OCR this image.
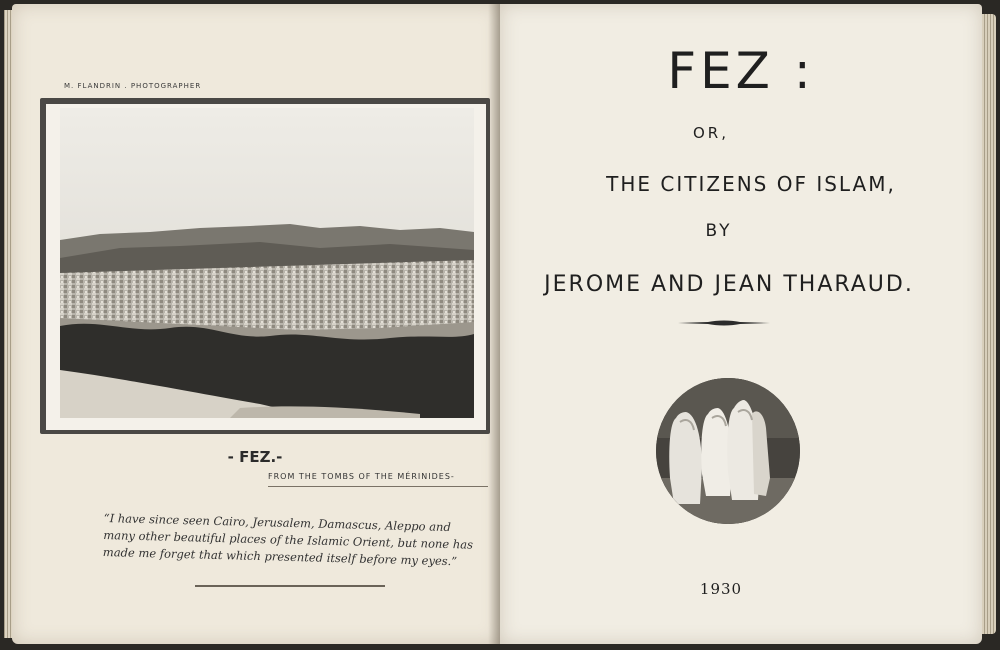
M. FLANDRIN . PHOTOGRAPHER
- FEZ.-
FROM THE TOMBS OF THE MÉRINIDES-
“I have since seen Cairo, Jerusalem, Damascus, Aleppo and many other beautiful places of the Islamic Orient, but none has made me forget that which presented itself before my eyes.”
FEZ :
OR,
THE CITIZENS OF ISLAM,
BY
JEROME AND JEAN THARAUD.
1930
